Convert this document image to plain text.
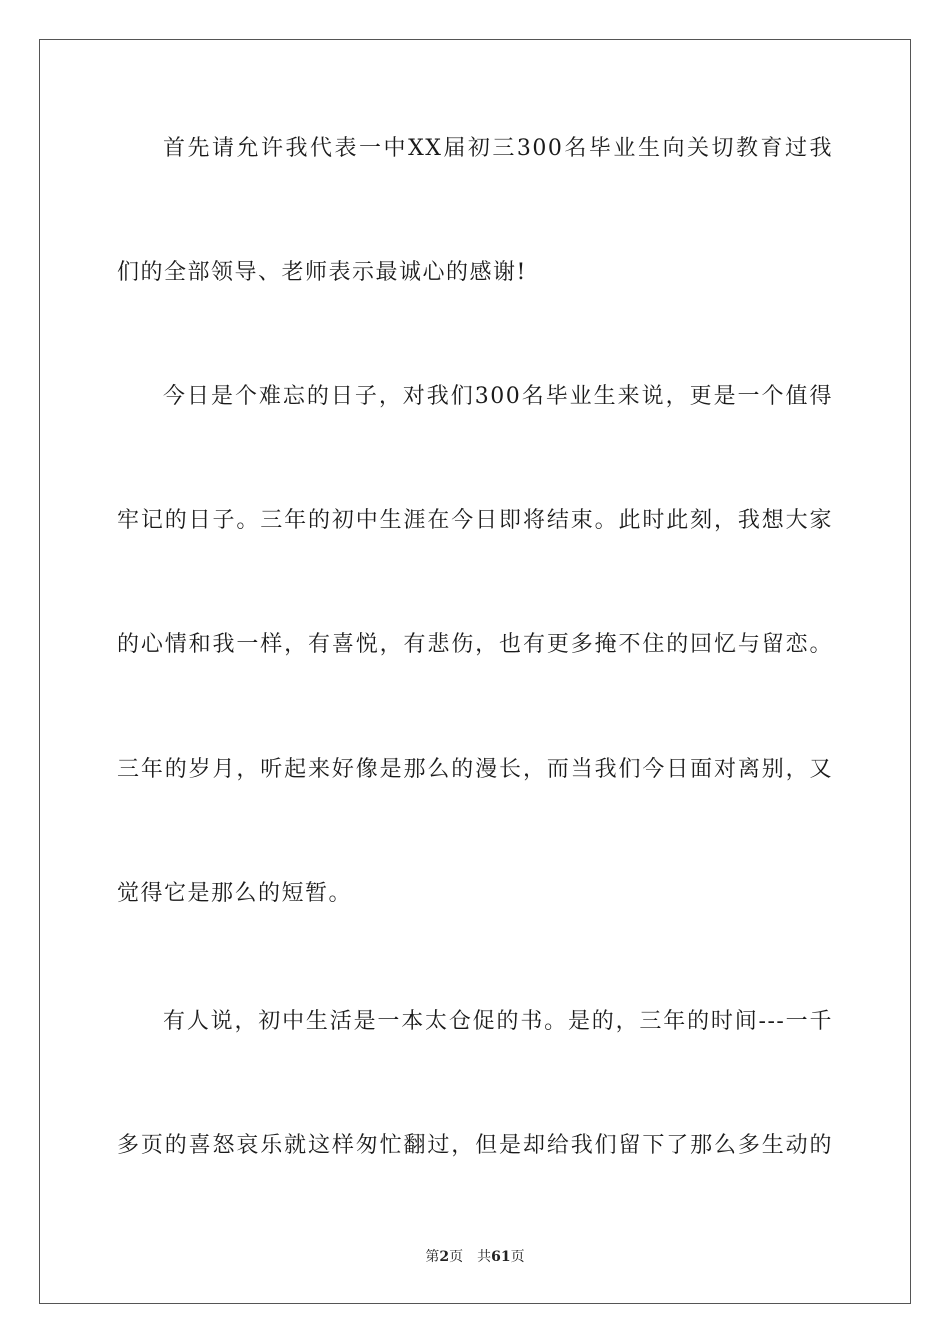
首先请允许我代表一中XX届初三300名毕业生向关切教育过我
们的全部领导、老师表示最诚心的感谢!
今日是个难忘的日子，对我们300名毕业生来说，更是一个值得
牢记的日子。三年的初中生涯在今日即将结束。此时此刻，我想大家
的心情和我一样，有喜悦，有悲伤，也有更多掩不住的回忆与留恋。
三年的岁月，听起来好像是那么的漫长，而当我们今日面对离别，又
觉得它是那么的短暂。
有人说，初中生活是一本太仓促的书。是的，三年的时间---一千
多页的喜怒哀乐就这样匆忙翻过，但是却给我们留下了那么多生动的
第2页 共61页
